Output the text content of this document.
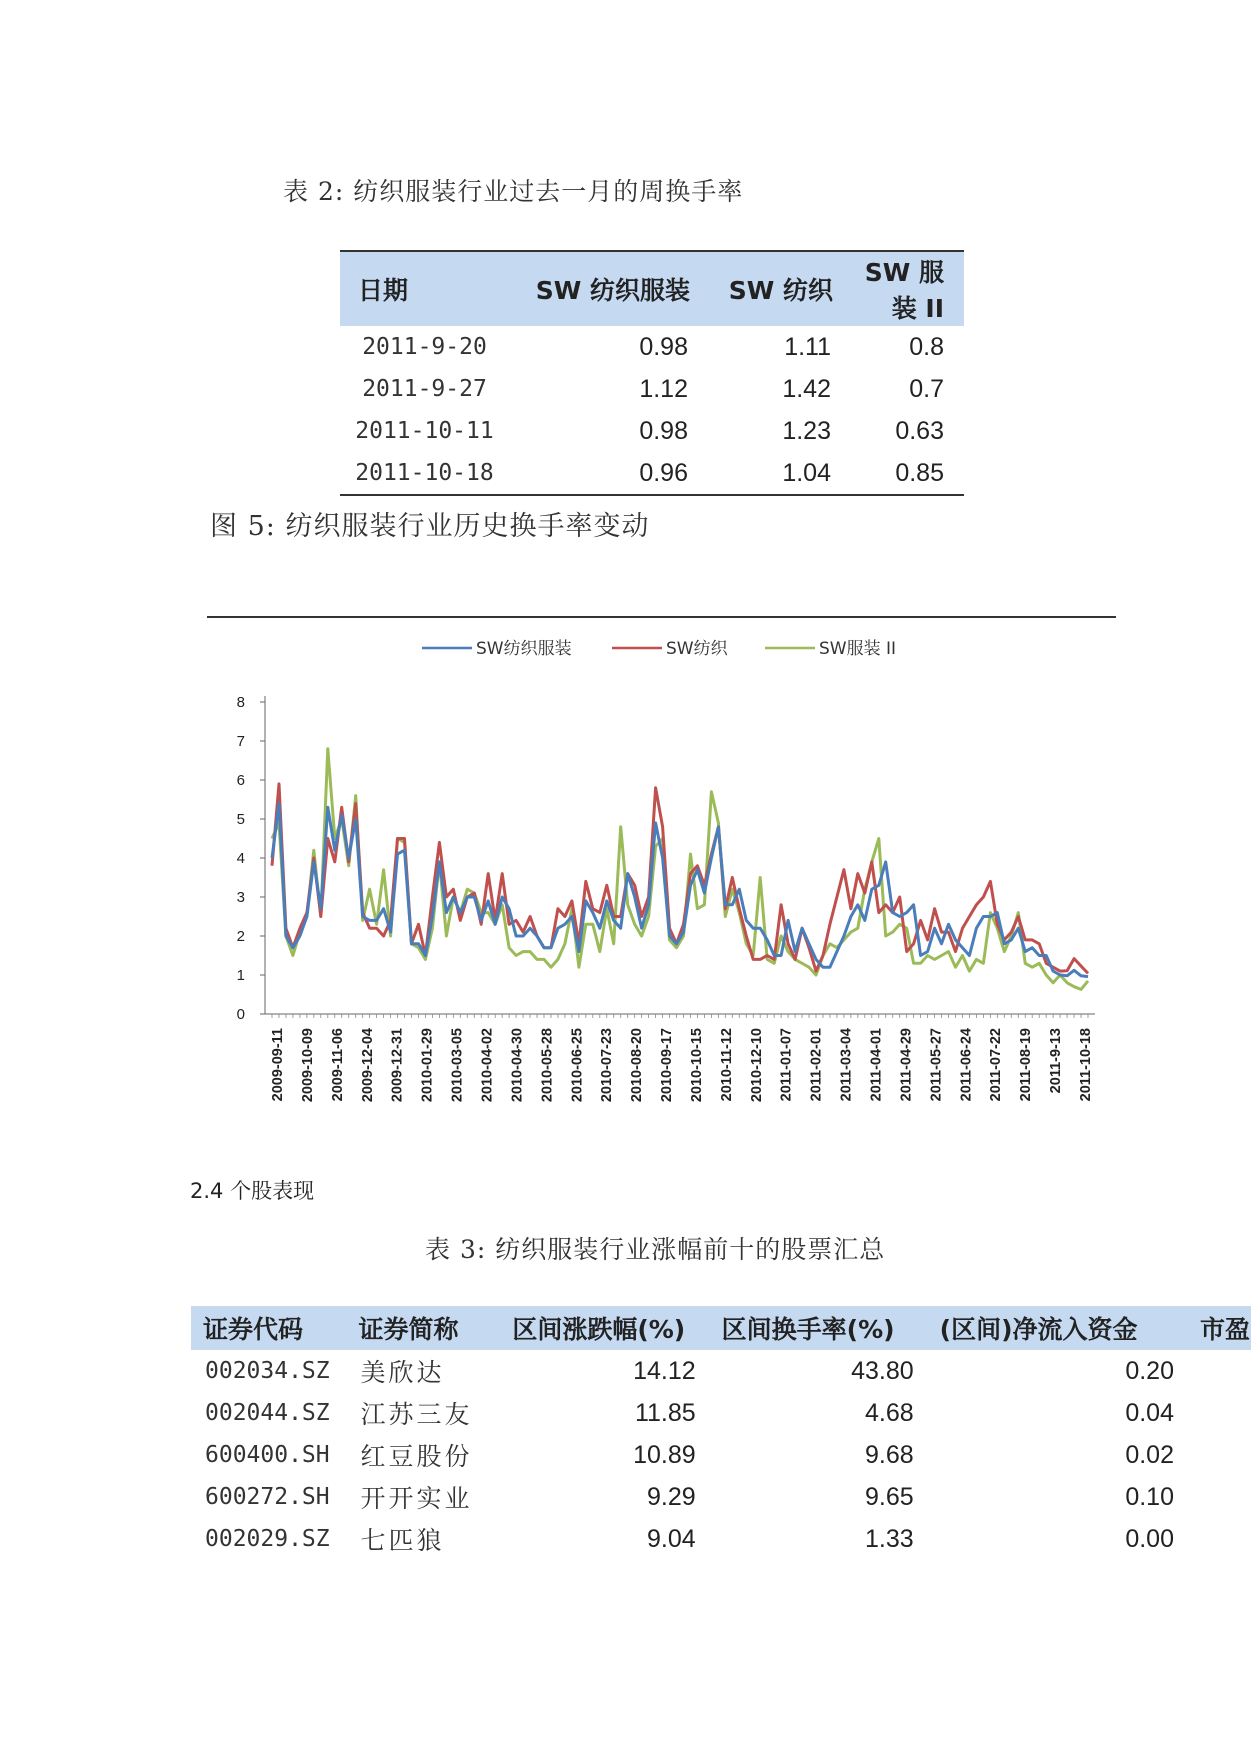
表 2: 纺织服装行业过去一月的周换手率
日期	SW 纺织服装	SW 纺织	SW 服装 II
2011-9-20	0.98	1.11	0.8
2011-9-27	1.12	1.42	0.7
2011-10-11	0.98	1.23	0.63
2011-10-18	0.96	1.04	0.85
图 5: 纺织服装行业历史换手率变动
SW纺织服装	SW纺织	SW服装 II
0
1
2
3
4
5
6
7
8
2009-09-11 2009-10-09 2009-11-06 2009-12-04 2009-12-31 2010-01-29 2010-03-05 2010-04-02 2010-04-30 2010-05-28 2010-06-25 2010-07-23 2010-08-20 2010-09-17 2010-10-15 2010-11-12 2010-12-10 2011-01-07 2011-02-01 2011-03-04 2011-04-01 2011-04-29 2011-05-27 2011-06-24 2011-07-22 2011-08-19 2011-9-13 2011-10-18
2.4 个股表现
表 3: 纺织服装行业涨幅前十的股票汇总
证券代码	证券简称	区间涨跌幅(%)	区间换手率(%)	(区间)净流入资金	市盈
002034.SZ	美欣达	14.12	43.80	0.20	
002044.SZ	江苏三友	11.85	4.68	0.04	
600400.SH	红豆股份	10.89	9.68	0.02	
600272.SH	开开实业	9.29	9.65	0.10	
002029.SZ	七匹狼	9.04	1.33	0.00	
